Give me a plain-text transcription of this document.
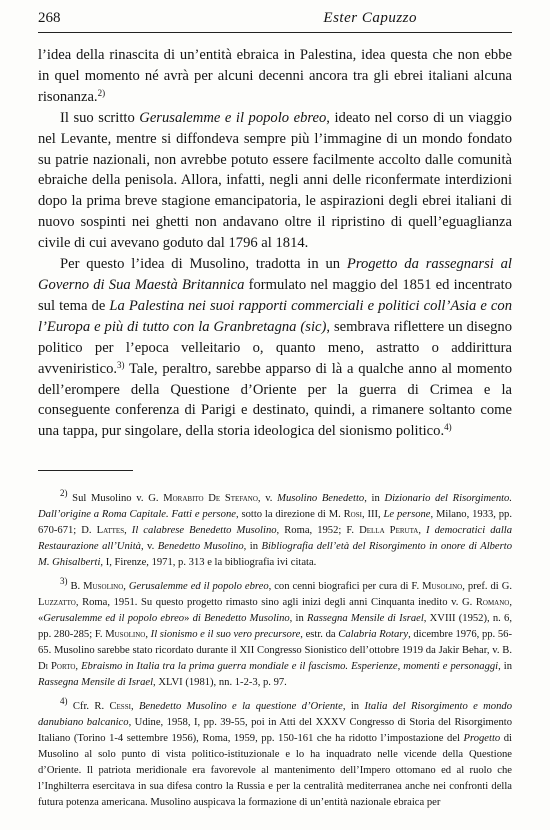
268	Ester Capuzzo

l’idea della rinascita di un’entità ebraica in Palestina, idea questa che non ebbe in quel momento né avrà per alcuni decenni ancora tra gli ebrei italiani alcuna risonanza.$^{2)}$

Il suo scritto Gerusalemme e il popolo ebreo, ideato nel corso di un viaggio nel Levante, mentre si diffondeva sempre più l’immagine di un mondo fondato su patrie nazionali, non avrebbe potuto essere facilmente accolto dalle comunità ebraiche della penisola. Allora, infatti, negli anni delle riconfermate interdizioni dopo la prima breve stagione emancipatoria, le aspirazioni degli ebrei italiani di nuovo sospinti nei ghetti non andavano oltre il ripristino di quell’eguaglianza civile di cui avevano goduto dal 1796 al 1814.

Per questo l’idea di Musolino, tradotta in un Progetto da rassegnarsi al Governo di Sua Maestà Britannica formulato nel maggio del 1851 ed incentrato sul tema de La Palestina nei suoi rapporti commerciali e politici coll’Asia e con l’Europa e più di tutto con la Granbretagna (sic), sembrava riflettere un disegno politico per l’epoca velleitario o, quanto meno, astratto o addirittura avveniristico.$^{3)}$ Tale, peraltro, sarebbe apparso di là a qualche anno al momento dell’erompere della Questione d’Oriente per la guerra di Crimea e la conseguente conferenza di Parigi e destinato, quindi, a rimanere soltanto come una tappa, pur singolare, della storia ideologica del sionismo politico.$^{4)}$

$^{2)}$ Sul Musolino v. G. Morabito De Stefano, v. Musolino Benedetto, in Dizionario del Risorgimento. Dall’origine a Roma Capitale. Fatti e persone, sotto la direzione di M. Rosi, III, Le persone, Milano, 1933, pp. 670-671; D. Lattes, Il calabrese Benedetto Musolino, Roma, 1952; F. Della Peruta, I democratici dalla Restaurazione all’Unità, v. Benedetto Musolino, in Bibliografia dell’età del Risorgimento in onore di Alberto M. Ghisalberti, I, Firenze, 1971, p. 313 e la bibliografia ivi citata.

$^{3)}$ B. Musolino, Gerusalemme ed il popolo ebreo, con cenni biografici per cura di F. Musolino, pref. di G. Luzzatto, Roma, 1951. Su questo progetto rimasto sino agli inizi degli anni Cinquanta inedito v. G. Romano, «Gerusalemme ed il popolo ebreo» di Benedetto Musolino, in Rassegna Mensile di Israel, XVIII (1952), n. 6, pp. 280-285; F. Musolino, Il sionismo e il suo vero precursore, estr. da Calabria Rotary, dicembre 1976, pp. 56-65. Musolino sarebbe stato ricordato durante il XII Congresso Sionistico dell’ottobre 1919 da Jakir Behar, v. B. Di Porto, Ebraismo in Italia tra la prima guerra mondiale e il fascismo. Esperienze, momenti e personaggi, in Rassegna Mensile di Israel, XLVI (1981), nn. 1-2-3, p. 97.

$^{4)}$ Cfr. R. Cessi, Benedetto Musolino e la questione d’Oriente, in Italia del Risorgimento e mondo danubiano balcanico, Udine, 1958, I, pp. 39-55, poi in Atti del XXXV Congresso di Storia del Risorgimento Italiano (Torino 1-4 settembre 1956), Roma, 1959, pp. 150-161 che ha ridotto l’impostazione del Progetto di Musolino al solo punto di vista politico-istituzionale e lo ha inquadrato nelle vicende della Questione d’Oriente. Il patriota meridionale era favorevole al mantenimento dell’Impero ottomano ed al ruolo che l’Inghilterra esercitava in sua difesa contro la Russia e per la centralità mediterranea anche nei confronti della futura potenza americana. Musolino auspicava la formazione di un’entità nazionale ebraica per
